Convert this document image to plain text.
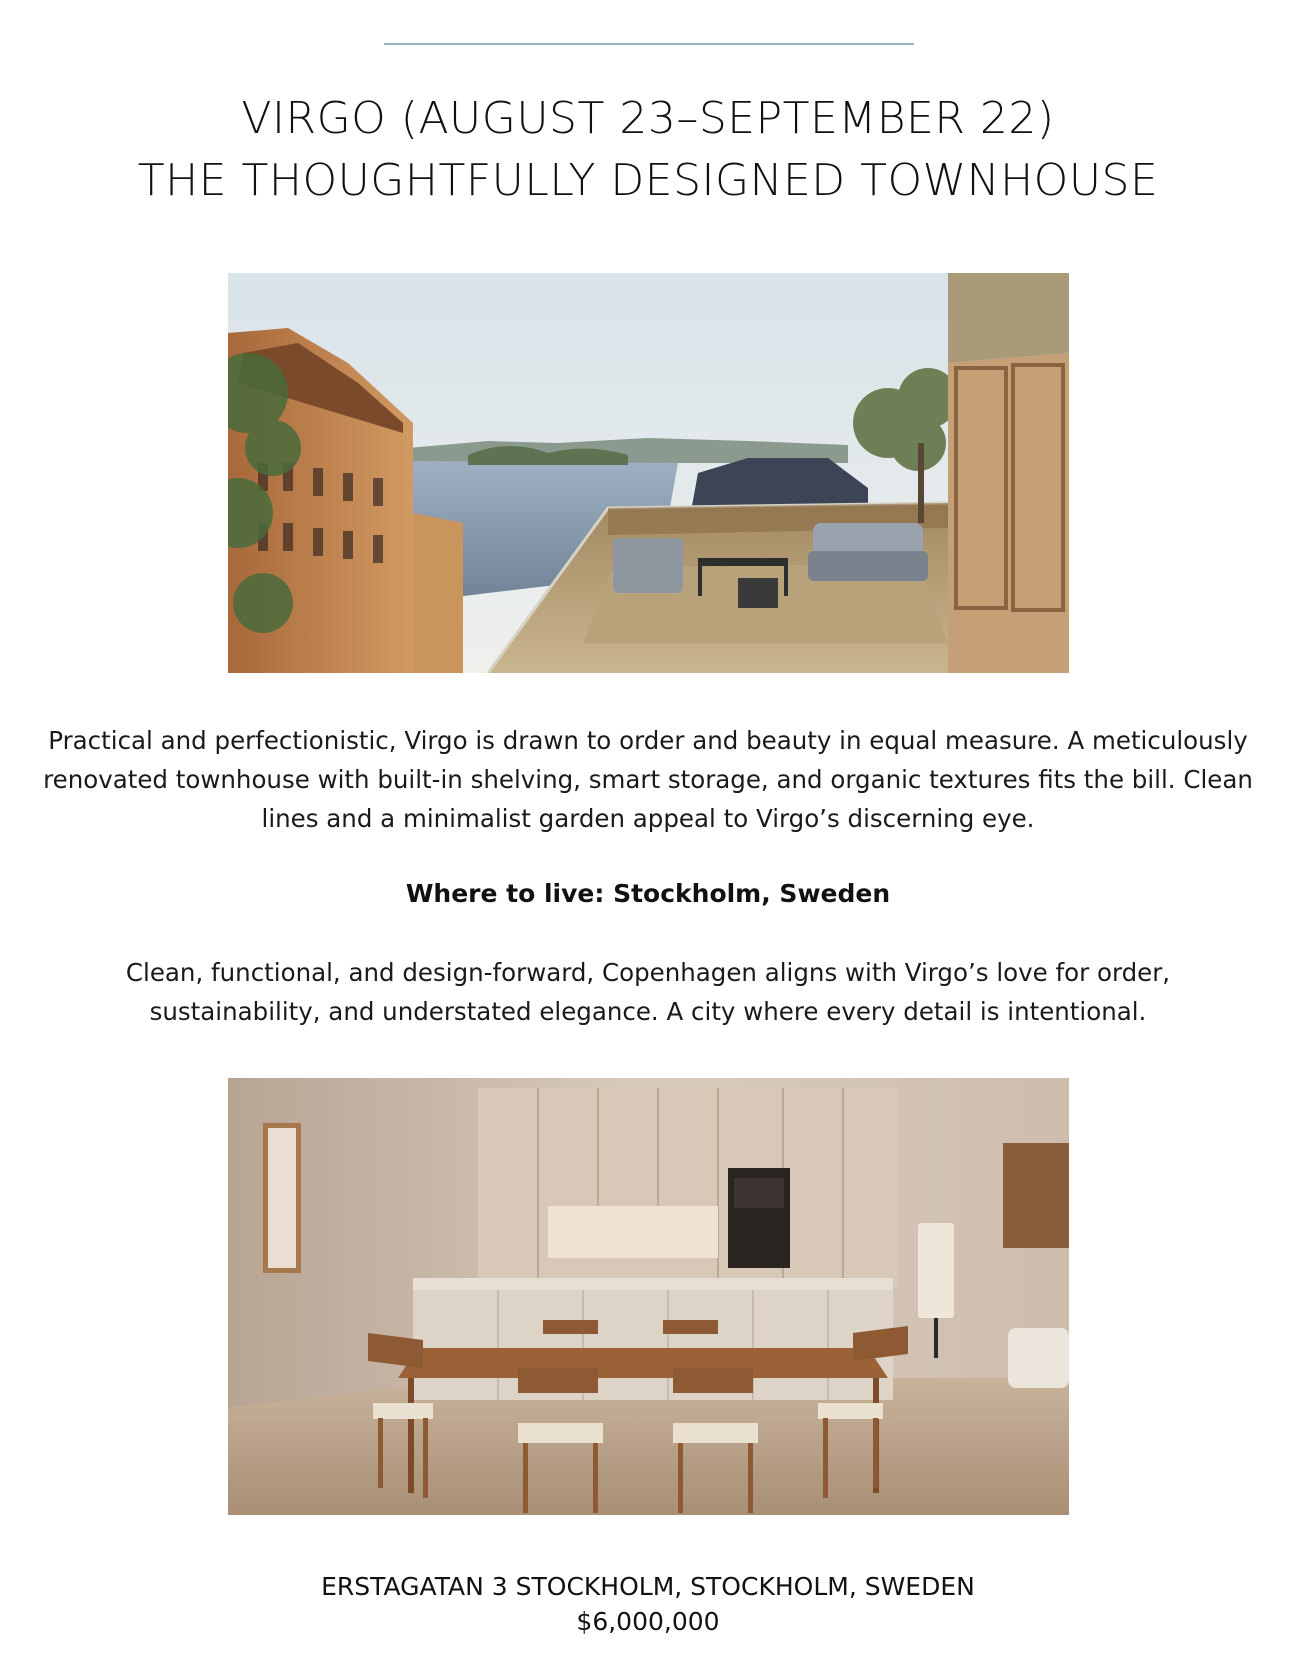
VIRGO (AUGUST 23–SEPTEMBER 22)
THE THOUGHTFULLY DESIGNED TOWNHOUSE

Practical and perfectionistic, Virgo is drawn to order and beauty in equal measure. A meticulously renovated townhouse with built-in shelving, smart storage, and organic textures fits the bill. Clean lines and a minimalist garden appeal to Virgo’s discerning eye.

Where to live: Stockholm, Sweden

Clean, functional, and design-forward, Copenhagen aligns with Virgo’s love for order, sustainability, and understated elegance. A city where every detail is intentional.

ERSTAGATAN 3 STOCKHOLM, STOCKHOLM, SWEDEN
$6,000,000
